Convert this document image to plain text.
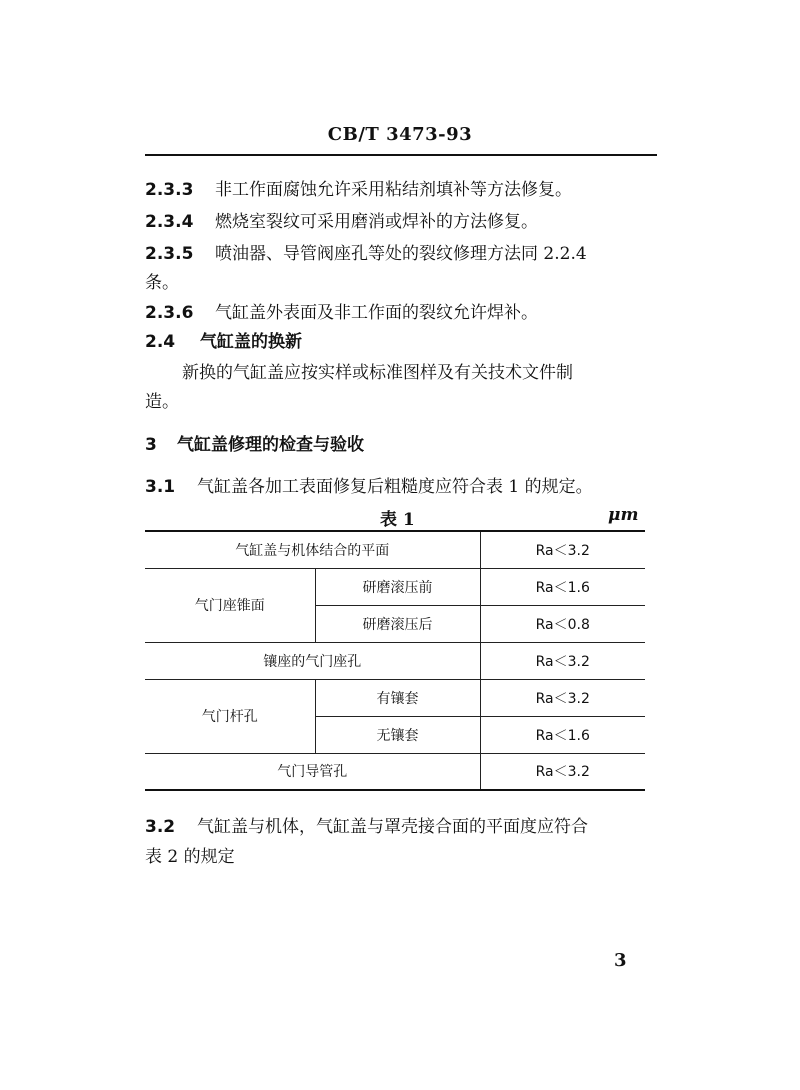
CB/T 3473-93
2.3.3 非工作面腐蚀允许采用粘结剂填补等方法修复。
2.3.4 燃烧室裂纹可采用磨消或焊补的方法修复。
2.3.5 喷油器、导管阀座孔等处的裂纹修理方法同 2.2.4
条。
2.3.6 气缸盖外表面及非工作面的裂纹允许焊补。
2.4 气缸盖的换新
新换的气缸盖应按实样或标准图样及有关技术文件制
造。
3 气缸盖修理的检查与验收
3.1 气缸盖各加工表面修复后粗糙度应符合表 1 的规定。
表 1	μm
气缸盖与机体结合的平面		Ra＜3.2
气门座锥面	研磨滚压前	Ra＜1.6
	研磨滚压后	Ra＜0.8
镶座的气门座孔		Ra＜3.2
气门杆孔	有镶套	Ra＜3.2
	无镶套	Ra＜1.6
气门导管孔		Ra＜3.2
3.2 气缸盖与机体，气缸盖与罩壳接合面的平面度应符合
表 2 的规定
3
